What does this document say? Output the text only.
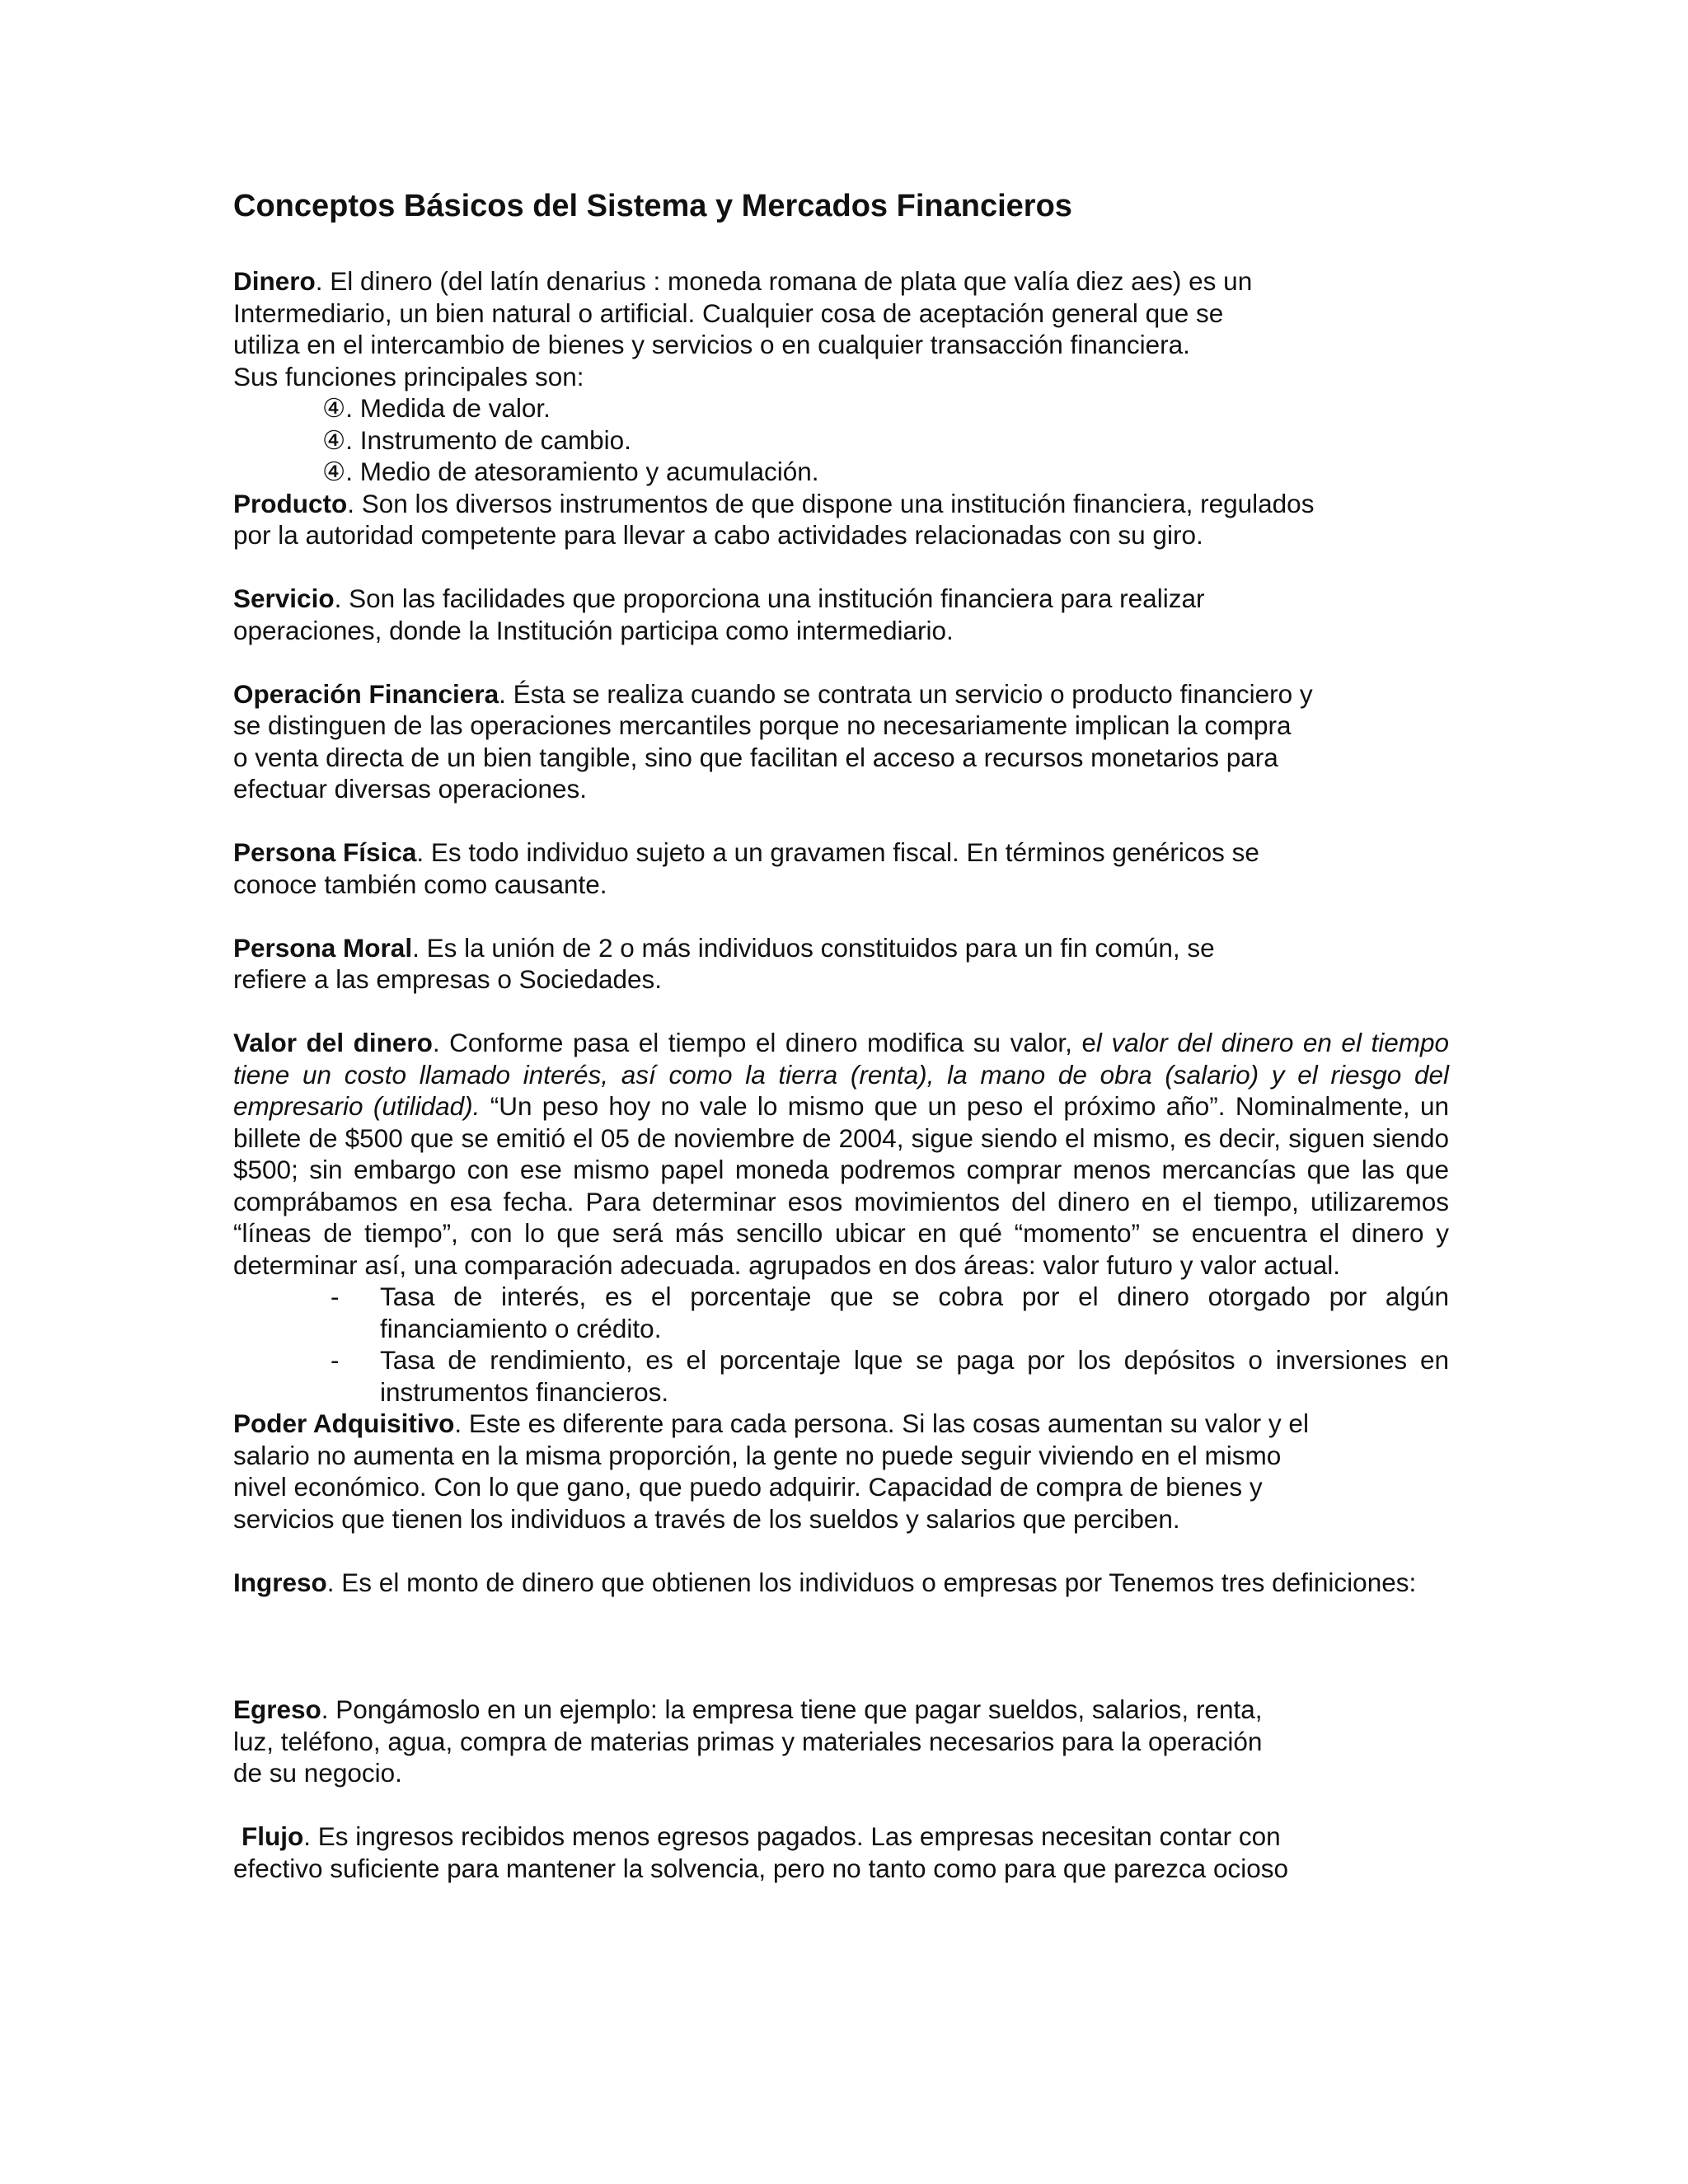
Conceptos Básicos del Sistema y Mercados Financieros

Dinero. El dinero (del latín denarius : moneda romana de plata que valía diez aes) es un

Intermediario, un bien natural o artificial. Cualquier cosa de aceptación general que se

utiliza en el intercambio de bienes y servicios o en cualquier transacción financiera.

Sus funciones principales son:

④. Medida de valor.
④. Instrumento de cambio.
④. Medio de atesoramiento y acumulación.

Producto. Son los diversos instrumentos de que dispone una institución financiera, regulados

por la autoridad competente para llevar a cabo actividades relacionadas con su giro.

Servicio. Son las facilidades que proporciona una institución financiera para realizar

operaciones, donde la Institución participa como intermediario.

Operación Financiera. Ésta se realiza cuando se contrata un servicio o producto financiero y

se distinguen de las operaciones mercantiles porque no necesariamente implican la compra

o venta directa de un bien tangible, sino que facilitan el acceso a recursos monetarios para

efectuar diversas operaciones.

Persona Física. Es todo individuo sujeto a un gravamen fiscal. En términos genéricos se

conoce también como causante.

Persona Moral. Es la unión de 2 o más individuos constituidos para un fin común, se

refiere a las empresas o Sociedades.

Valor del dinero. Conforme pasa el tiempo el dinero modifica su valor, el valor del dinero en el tiempo tiene un costo llamado interés, así como la tierra (renta), la mano de obra (salario) y el riesgo del empresario (utilidad). “Un peso hoy no vale lo mismo que un peso el próximo año”. Nominalmente, un billete de $500 que se emitió el 05 de noviembre de 2004, sigue siendo el mismo, es decir, siguen siendo $500; sin embargo con ese mismo papel moneda podremos comprar menos mercancías que las que comprábamos en esa fecha. Para determinar esos movimientos del dinero en el tiempo, utilizaremos “líneas de tiempo”, con lo que será más sencillo ubicar en qué “momento” se encuentra el dinero y determinar así, una comparación adecuada. agrupados en dos áreas: valor futuro y valor actual.

- Tasa de interés, es el porcentaje que se cobra por el dinero otorgado por algún financiamiento o crédito.
- Tasa de rendimiento, es el porcentaje lque se paga por los depósitos o inversiones en instrumentos financieros.

Poder Adquisitivo. Este es diferente para cada persona. Si las cosas aumentan su valor y el

salario no aumenta en la misma proporción, la gente no puede seguir viviendo en el mismo

nivel económico. Con lo que gano, que puedo adquirir. Capacidad de compra de bienes y

servicios que tienen los individuos a través de los sueldos y salarios que perciben.

Ingreso. Es el monto de dinero que obtienen los individuos o empresas por Tenemos tres definiciones:

Egreso. Pongámoslo en un ejemplo: la empresa tiene que pagar sueldos, salarios, renta,

luz, teléfono, agua, compra de materias primas y materiales necesarios para la operación

de su negocio.

Flujo. Es ingresos recibidos menos egresos pagados. Las empresas necesitan contar con

efectivo suficiente para mantener la solvencia, pero no tanto como para que parezca ocioso
